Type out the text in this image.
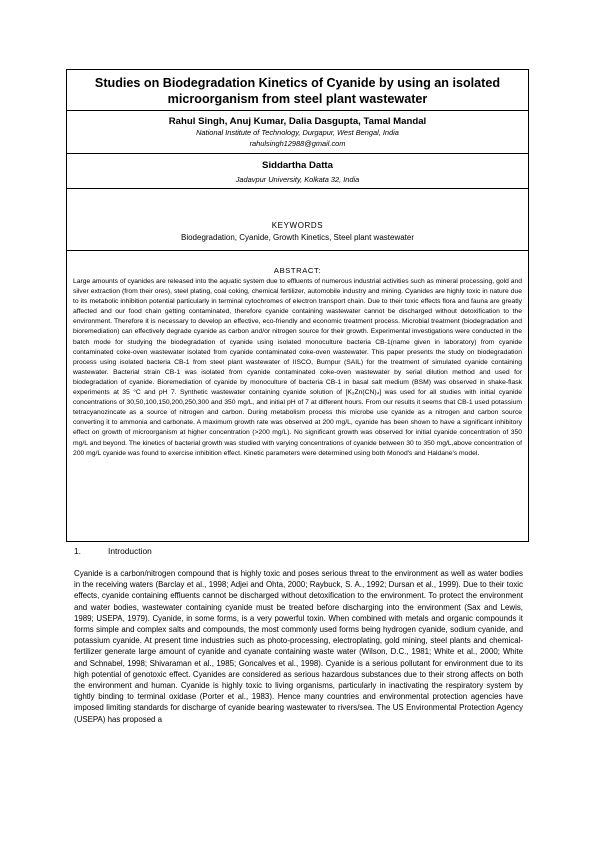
Studies on Biodegradation Kinetics of Cyanide by using an isolated microorganism from steel plant wastewater
Rahul Singh, Anuj Kumar, Dalia Dasgupta, Tamal Mandal
National Institute of Technology, Durgapur, West Bengal, India
rahulsingh12988@gmail.com
Siddartha Datta
Jadavpur University, Kolkata 32, India
KEYWORDS
Biodegradation, Cyanide, Growth Kinetics, Steel plant wastewater
ABSTRACT:
Large amounts of cyanides are released into the aquatic system due to effluents of numerous industrial activities such as mineral processing, gold and silver extraction (from their ores), steel plating, coal coking, chemical fertilizer, automobile industry and mining. Cyanides are highly toxic in nature due to its metabolic inhibition potential particularly in terminal cytochromes of electron transport chain. Due to their toxic effects flora and fauna are greatly affected and our food chain getting contaminated, therefore cyanide containing wastewater cannot be discharged without detoxification to the environment. Therefore it is necessary to develop an effective, eco-friendly and economic treatment process. Microbial treatment (biodegradation and bioremediation) can effectively degrade cyanide as carbon and/or nitrogen source for their growth. Experimental investigations were conducted in the batch mode for studying the biodegradation of cyanide using isolated monoculture bacteria CB-1(name given in laboratory) from cyanide contaminated coke-oven wastewater isolated from cyanide contaminated coke-oven wastewater. This paper presents the study on biodegradation process using isolated bacteria CB-1 from steel plant wastewater of IISCO, Burnpur (SAIL) for the treatment of simulated cyanide containing wastewater. Bacterial strain CB-1 was isolated from cyanide contaminated coke-oven wastewater by serial dilution method and used for biodegradation of cyanide. Bioremediation of cyanide by monoculture of bacteria CB-1 in basal salt medium (BSM) was observed in shake-flask experiments at 35 °C and pH 7. Synthetic wastewater containing cyanide solution of [K₂Zn(CN)₄] was used for all studies with initial cyanide concentrations of 30,50,100,150,200,250,300 and 350 mg/L, and initial pH of 7 at different hours. From our results it seems that CB-1 used potassium tetracyanozincate as a source of nitrogen and carbon. During metabolism process this microbe use cyanide as a nitrogen and carbon source converting it to ammonia and carbonate. A maximum growth rate was observed at 200 mg/L, cyanide has been shown to have a significant inhibitory effect on growth of microorganism at higher concentration (>200 mg/L). No significant growth was observed for initial cyanide concentration of 350 mg/L and beyond. The kinetics of bacterial growth was studied with varying concentrations of cyanide between 30 to 350 mg/L,above concentration of 200 mg/L cyanide was found to exercise inhibition effect. Kinetic parameters were determined using both Monod's and Haldane's model.
1.	Introduction
Cyanide is a carbon/nitrogen compound that is highly toxic and poses serious threat to the environment as well as water bodies in the receiving waters (Barclay et al., 1998; Adjei and Ohta, 2000; Raybuck, S. A., 1992; Dursan et al., 1999). Due to their toxic effects, cyanide containing effluents cannot be discharged without detoxification to the environment. To protect the environment and water bodies, wastewater containing cyanide must be treated before discharging into the environment (Sax and Lewis, 1989; USEPA, 1979). Cyanide, in some forms, is a very powerful toxin. When combined with metals and organic compounds it forms simple and complex salts and compounds, the most commonly used forms being hydrogen cyanide, sodium cyanide, and potassium cyanide. At present time industries such as photo-processing, electroplating, gold mining, steel plants and chemical- fertilizer generate large amount of cyanide and cyanate containing waste water (Wilson, D.C., 1981; White et al., 2000; White and Schnabel, 1998; Shivaraman et al., 1985; Goncalves et al., 1998). Cyanide is a serious pollutant for environment due to its high potential of genotoxic effect. Cyanides are considered as serious hazardous substances due to their strong affects on both the environment and human. Cyanide is highly toxic to living organisms, particularly in inactivating the respiratory system by tightly binding to terminal oxidase (Porter et al., 1983). Hence many countries and environmental protection agencies have imposed limiting standards for discharge of cyanide bearing wastewater to rivers/sea. The US Environmental Protection Agency (USEPA) has proposed a
